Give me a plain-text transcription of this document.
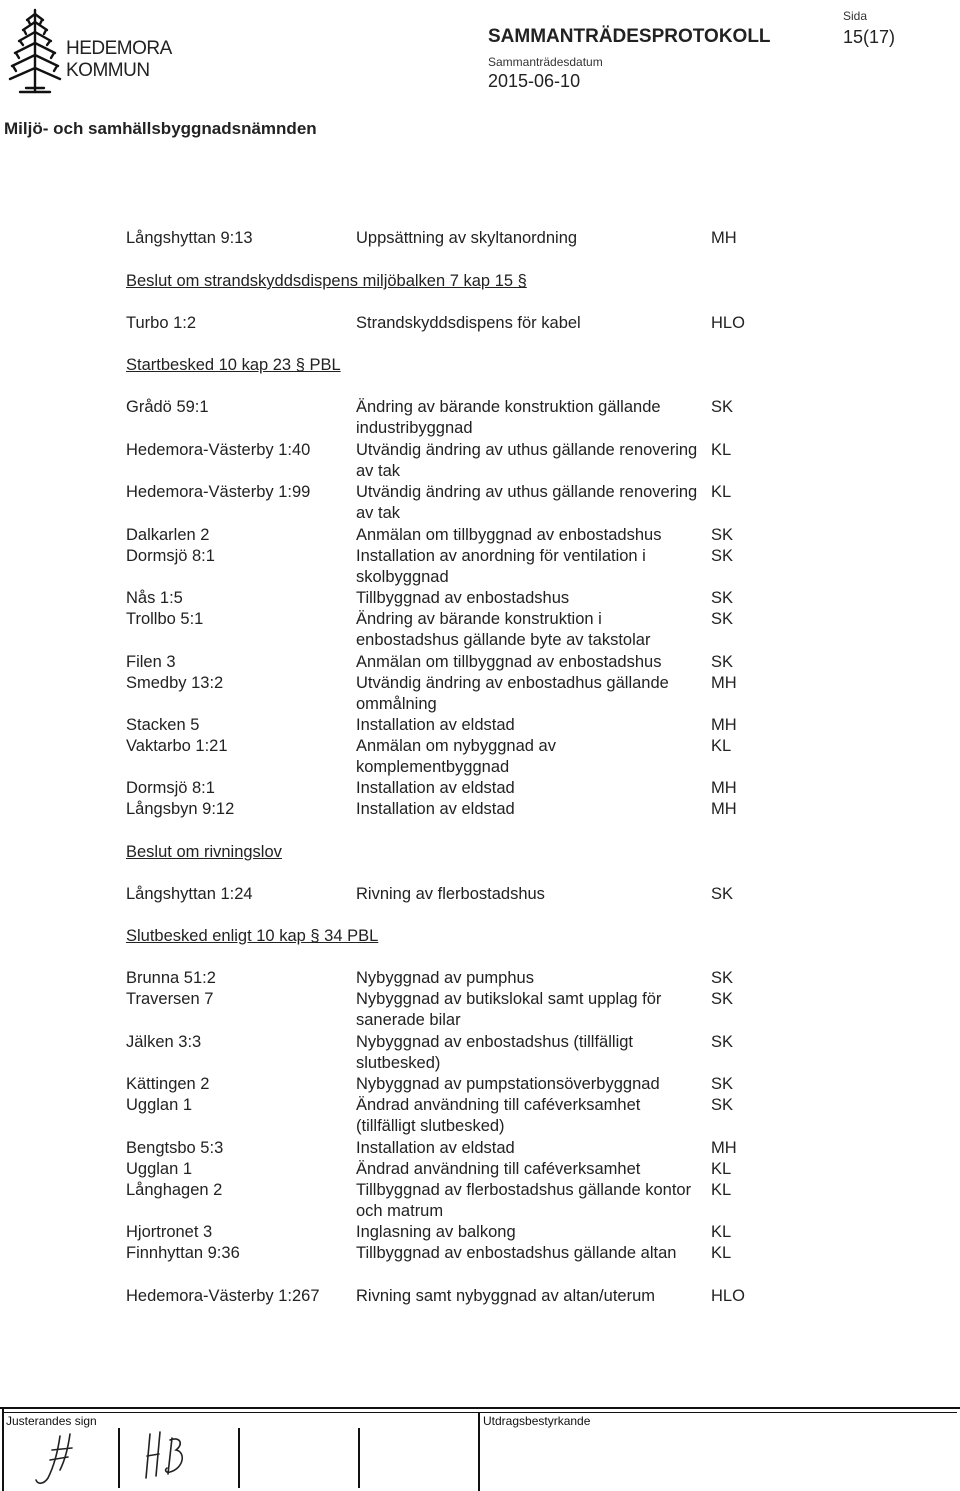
HEDEMORA
KOMMUN
SAMMANTRÄDESPROTOKOLL
Sammanträdesdatum
2015-06-10
Sida
15(17)
Miljö- och samhällsbyggnadsnämnden
Långshyttan 9:13	Uppsättning av skyltanordning	MH
Beslut om strandskyddsdispens miljöbalken 7 kap 15 §
Turbo 1:2	Strandskyddsdispens för kabel	HLO
Startbesked 10 kap 23 § PBL
Grådö 59:1	Ändring av bärande konstruktion gällande industribyggnad
SK
Hedemora-Västerby 1:40	Utvändig ändring av uthus gällande renovering av tak
KL
Hedemora-Västerby 1:99	Utvändig ändring av uthus gällande renovering av tak
KL
Dalkarlen 2	Anmälan om tillbyggnad av enbostadshus	SK
Dormsjö 8:1	Installation av anordning för ventilation i skolbyggnad
SK
Nås 1:5	Tillbyggnad av enbostadshus	SK
Trollbo 5:1	Ändring av bärande konstruktion i enbostadshus gällande byte av takstolar
SK
Filen 3	Anmälan om tillbyggnad av enbostadshus	SK
Smedby 13:2	Utvändig ändring av enbostadhus gällande ommålning
MH
Stacken 5	Installation av eldstad	MH
Vaktarbo 1:21	Anmälan om nybyggnad av komplementbyggnad
KL
Dormsjö 8:1	Installation av eldstad	MH
Långsbyn 9:12	Installation av eldstad	MH
Beslut om rivningslov
Långshyttan 1:24	Rivning av flerbostadshus	SK
Slutbesked enligt 10 kap § 34 PBL
Brunna 51:2	Nybyggnad av pumphus	SK
Traversen 7	Nybyggnad av butikslokal samt upplag för sanerade bilar
SK
Jälken 3:3	Nybyggnad av enbostadshus (tillfälligt slutbesked)
SK
Kättingen 2	Nybyggnad av pumpstationsöverbyggnad	SK
Ugglan 1	Ändrad användning till caféverksamhet (tillfälligt slutbesked)
SK
Bengtsbo 5:3	Installation av eldstad	MH
Ugglan 1	Ändrad användning till caféverksamhet	KL
Långhagen 2	Tillbyggnad av flerbostadshus gällande kontor och matrum
KL
Hjortronet 3	Inglasning av balkong	KL
Finnhyttan 9:36	Tillbyggnad av enbostadshus gällande altan	KL
Hedemora-Västerby 1:267 Rivning samt nybyggnad av altan/uterum	HLO
Justerandes sign	Utdragsbestyrkande
